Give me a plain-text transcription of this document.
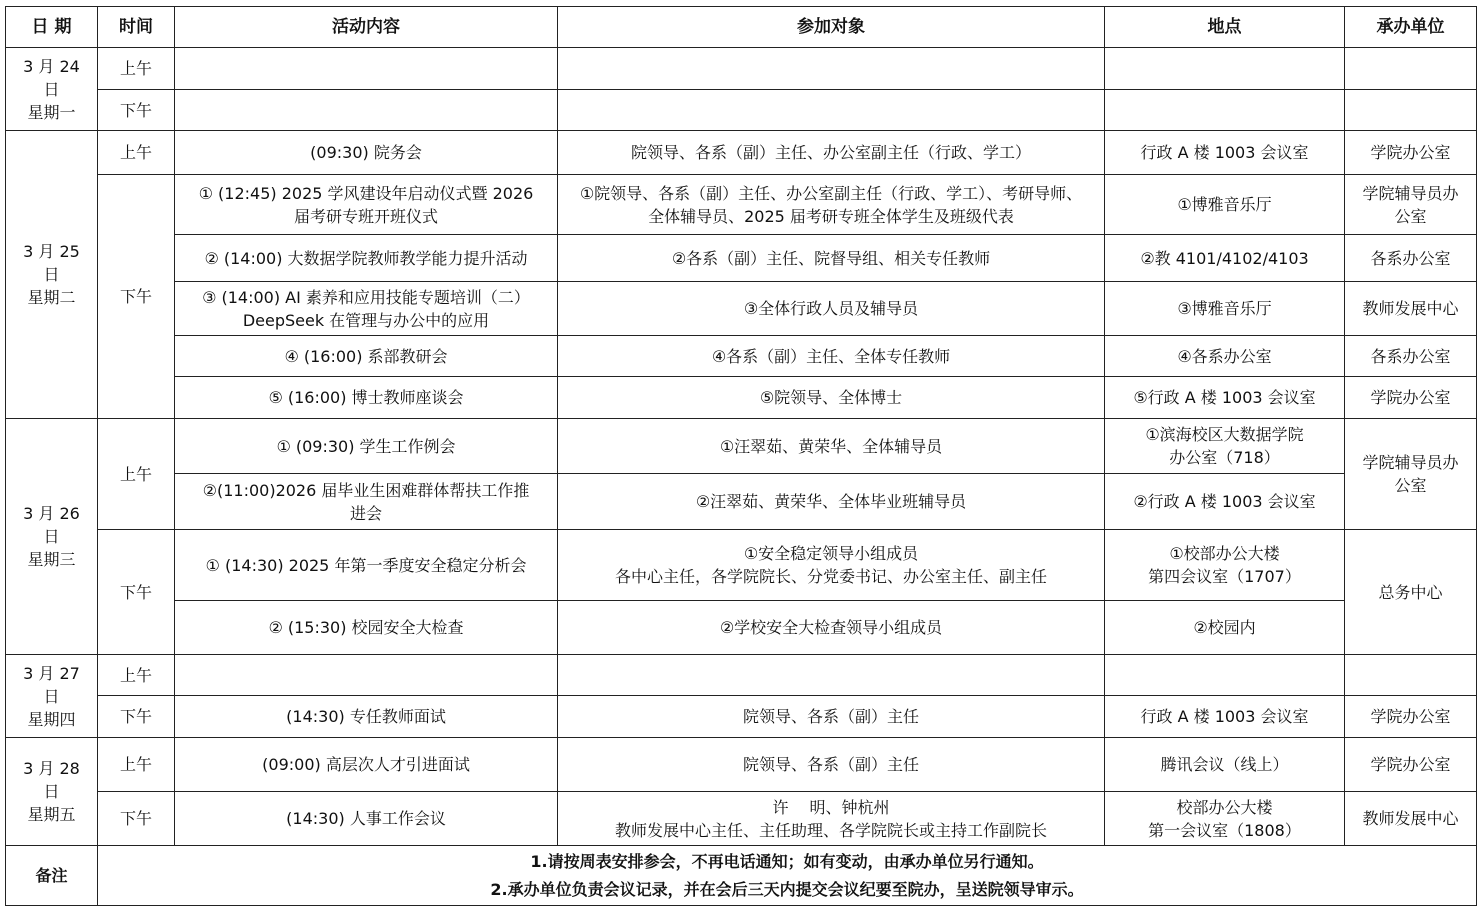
日 期	时间	活动内容	参加对象	地点	承办单位

3 月 24
日
星期一	上午				
	下午				

3 月 25
日
星期二	上午	(09:30) 院务会	院领导、各系（副）主任、办公室副主任（行政、学工）	行政 A 楼 1003 会议室	学院办公室
	下午	① (12:45) 2025 学风建设年启动仪式暨 2026
届考研专班开班仪式	①院领导、各系（副）主任、办公室副主任（行政、学工）、考研导师、
全体辅导员、2025 届考研专班全体学生及班级代表	①博雅音乐厅	学院辅导员办
公室

		② (14:00) 大数据学院教师教学能力提升活动	②各系（副）主任、院督导组、相关专任教师	②教 4101/4102/4103	各系办公室

		③ (14:00) AI 素养和应用技能专题培训（二）
DeepSeek 在管理与办公中的应用	③全体行政人员及辅导员	③博雅音乐厅	教师发展中心
		④ (16:00) 系部教研会	④各系（副）主任、全体专任教师	④各系办公室	各系办公室
		⑤ (16:00) 博士教师座谈会	⑤院领导、全体博士	⑤行政 A 楼 1003 会议室	学院办公室

3 月 26
日
星期三	上午	① (09:30) 学生工作例会	①汪翠茹、黄荣华、全体辅导员	①滨海校区大数据学院
办公室（718）	学院辅导员办
公室

		②(11:00)2026 届毕业生困难群体帮扶工作推
进会	②汪翠茹、黄荣华、全体毕业班辅导员	②行政 A 楼 1003 会议室	
	下午	① (14:30) 2025 年第一季度安全稳定分析会	①安全稳定领导小组成员
各中心主任，各学院院长、分党委书记、办公室主任、副主任	①校部办公大楼
第四会议室（1707）	总务中心
		② (15:30) 校园安全大检查	②学校安全大检查领导小组成员	②校园内	

3 月 27
日
星期四	上午				
	下午	(14:30) 专任教师面试	院领导、各系（副）主任	行政 A 楼 1003 会议室	学院办公室

3 月 28
日
星期五	上午	(09:00) 高层次人才引进面试	院领导、各系（副）主任	腾讯会议（线上）	学院办公室
	下午	(14:30) 人事工作会议	许　 明、钟杭州
教师发展中心主任、主任助理、各学院院长或主持工作副院长	校部办公大楼
第一会议室（1808）	教师发展中心
备注	1.请按周表安排参会，不再电话通知；如有变动，由承办单位另行通知。
2.承办单位负责会议记录，并在会后三天内提交会议纪要至院办，呈送院领导审示。				
